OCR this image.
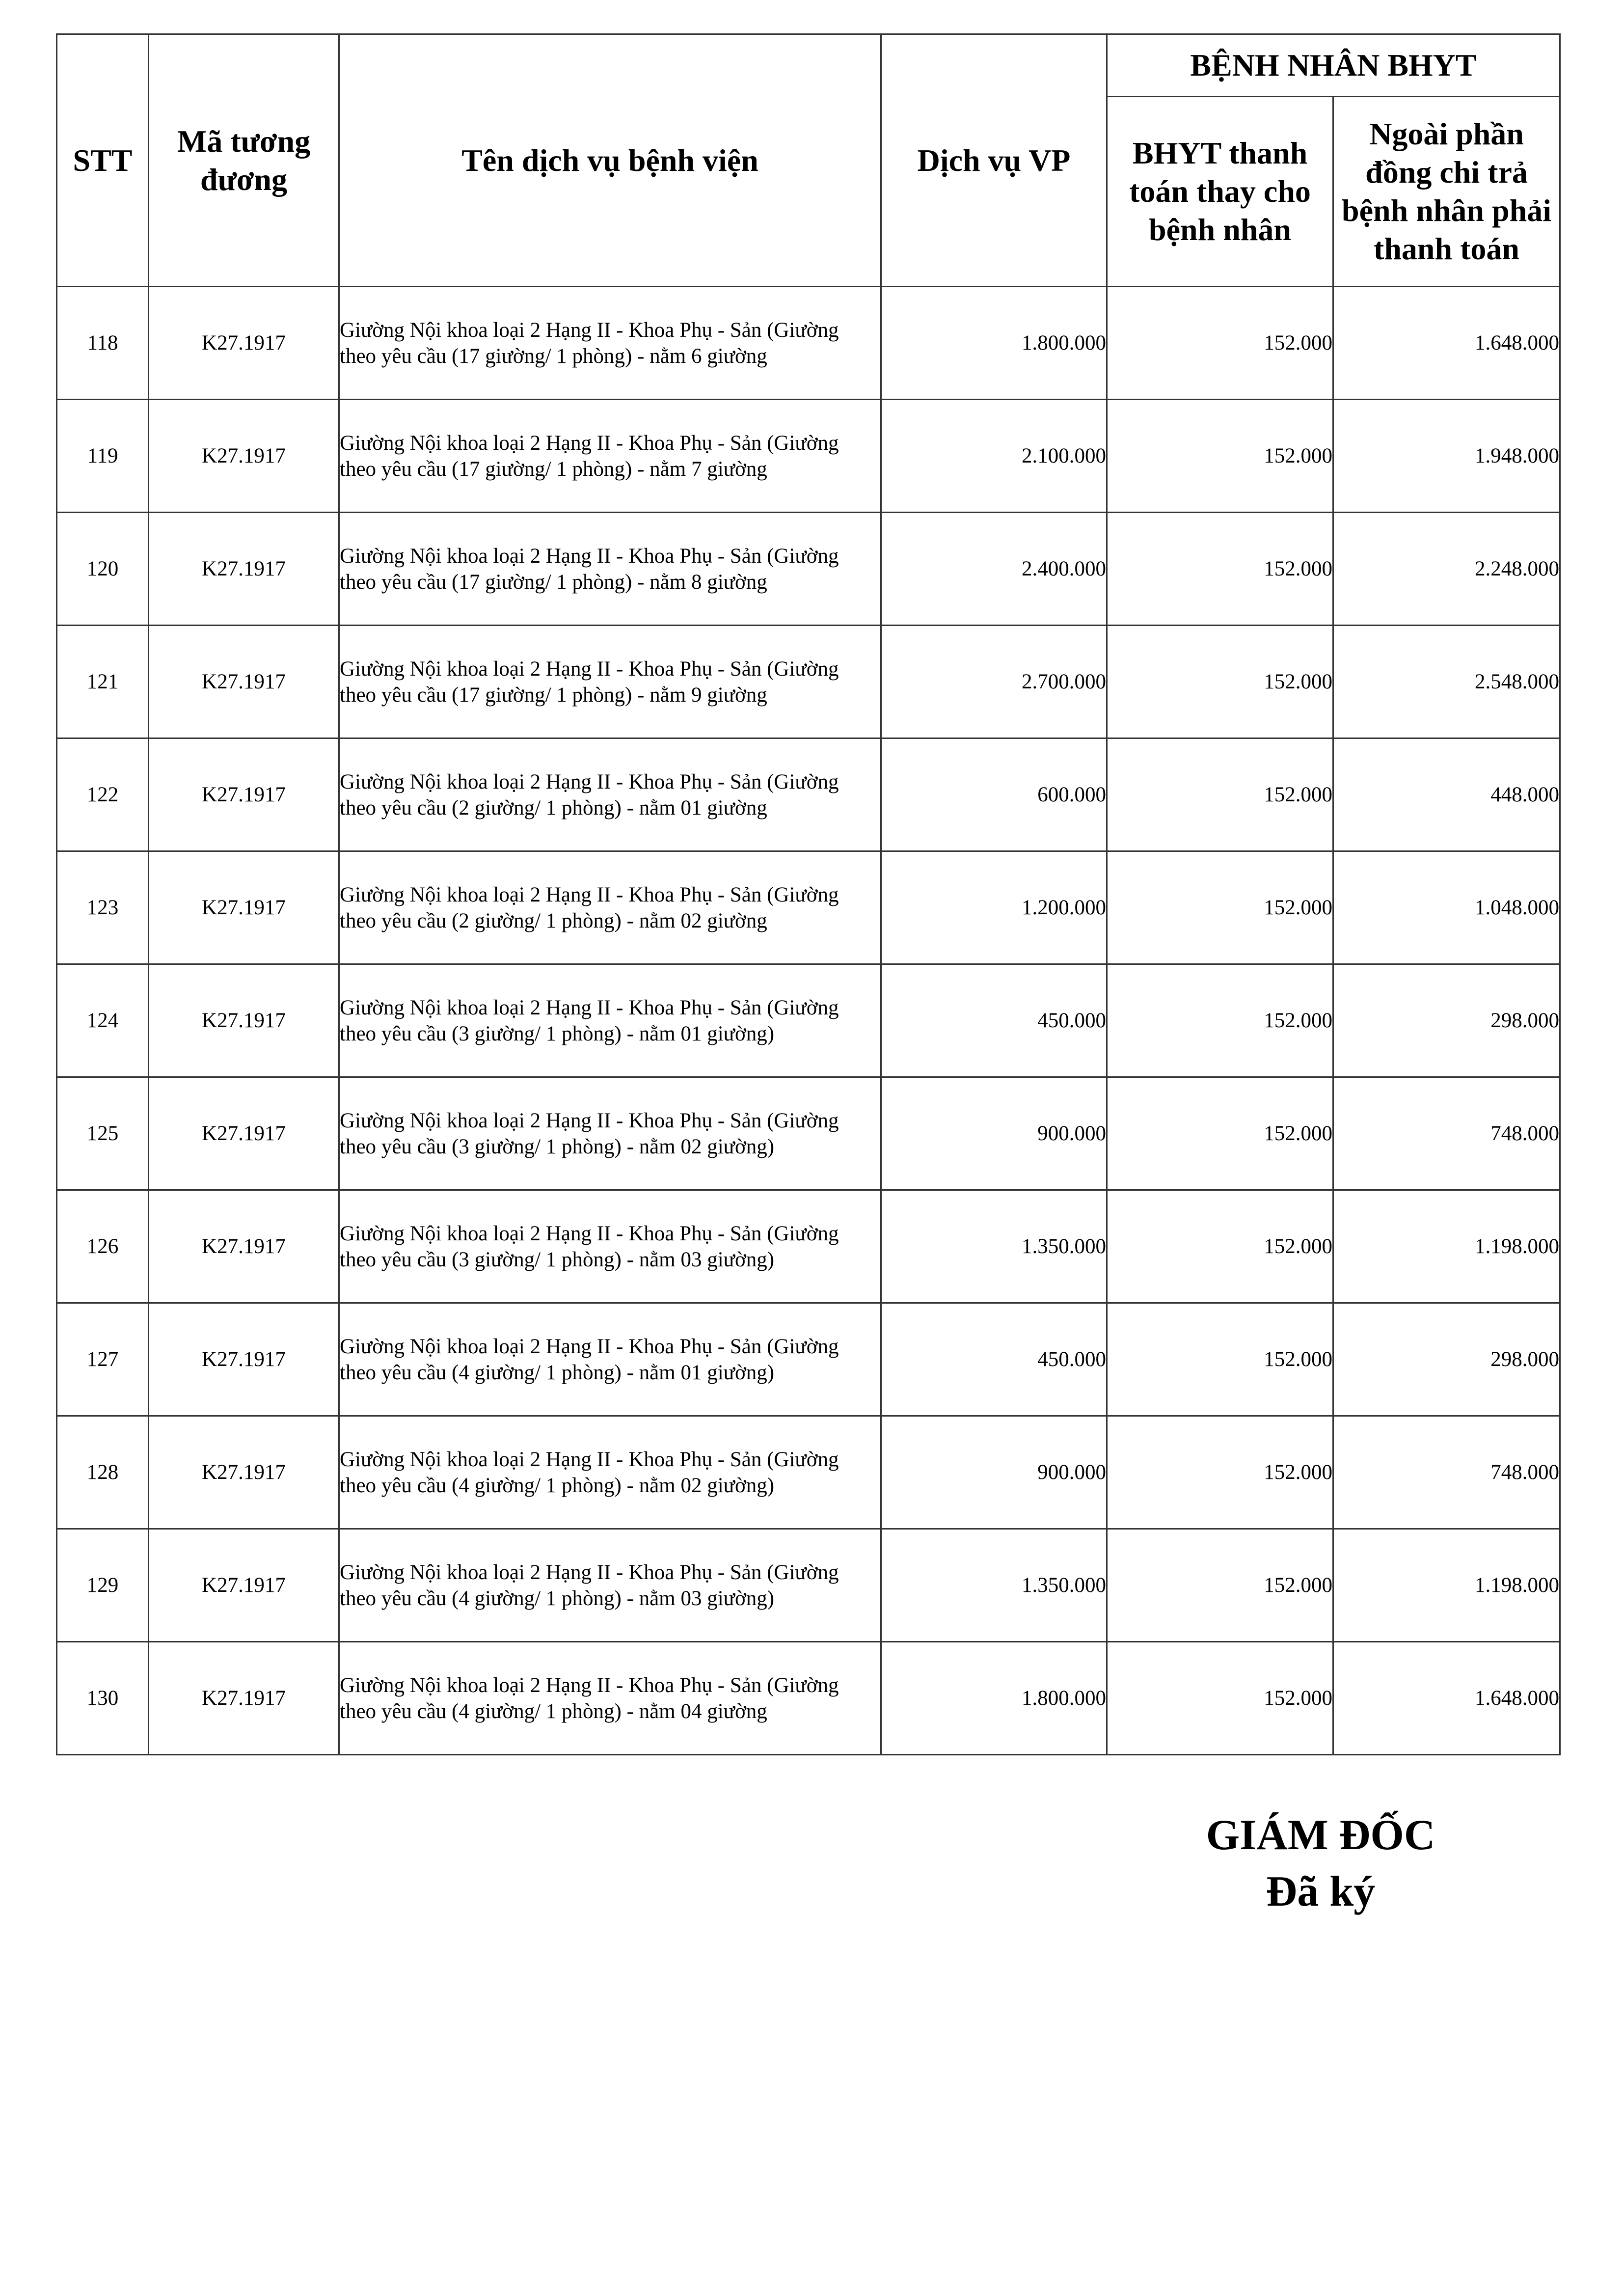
STT	Mã tương đương	Tên dịch vụ bệnh viện	Dịch vụ VP	BỆNH NHÂN BHYT	
				BHYT thanh toán thay cho bệnh nhân	Ngoài phần đồng chi trả bệnh nhân phải thanh toán
118	K27.1917	Giường Nội khoa loại 2 Hạng II - Khoa Phụ - Sản (Giường theo yêu cầu (17 giường/ 1 phòng) - nằm 6 giường	1.800.000	152.000	1.648.000
119	K27.1917	Giường Nội khoa loại 2 Hạng II - Khoa Phụ - Sản (Giường theo yêu cầu (17 giường/ 1 phòng) - nằm 7 giường	2.100.000	152.000	1.948.000
120	K27.1917	Giường Nội khoa loại 2 Hạng II - Khoa Phụ - Sản (Giường theo yêu cầu (17 giường/ 1 phòng) - nằm 8 giường	2.400.000	152.000	2.248.000
121	K27.1917	Giường Nội khoa loại 2 Hạng II - Khoa Phụ - Sản (Giường theo yêu cầu (17 giường/ 1 phòng) - nằm 9 giường	2.700.000	152.000	2.548.000
122	K27.1917	Giường Nội khoa loại 2 Hạng II - Khoa Phụ - Sản (Giường theo yêu cầu (2 giường/ 1 phòng) - nằm 01 giường	600.000	152.000	448.000
123	K27.1917	Giường Nội khoa loại 2 Hạng II - Khoa Phụ - Sản (Giường theo yêu cầu (2 giường/ 1 phòng) - nằm 02 giường	1.200.000	152.000	1.048.000
124	K27.1917	Giường Nội khoa loại 2 Hạng II - Khoa Phụ - Sản (Giường theo yêu cầu (3 giường/ 1 phòng) - nằm 01 giường)	450.000	152.000	298.000
125	K27.1917	Giường Nội khoa loại 2 Hạng II - Khoa Phụ - Sản (Giường theo yêu cầu (3 giường/ 1 phòng) - nằm 02 giường)	900.000	152.000	748.000
126	K27.1917	Giường Nội khoa loại 2 Hạng II - Khoa Phụ - Sản (Giường theo yêu cầu (3 giường/ 1 phòng) - nằm 03 giường)	1.350.000	152.000	1.198.000
127	K27.1917	Giường Nội khoa loại 2 Hạng II - Khoa Phụ - Sản (Giường theo yêu cầu (4 giường/ 1 phòng) - nằm 01 giường)	450.000	152.000	298.000
128	K27.1917	Giường Nội khoa loại 2 Hạng II - Khoa Phụ - Sản (Giường theo yêu cầu (4 giường/ 1 phòng) - nằm 02 giường)	900.000	152.000	748.000
129	K27.1917	Giường Nội khoa loại 2 Hạng II - Khoa Phụ - Sản (Giường theo yêu cầu (4 giường/ 1 phòng) - nằm 03 giường)	1.350.000	152.000	1.198.000
130	K27.1917	Giường Nội khoa loại 2 Hạng II - Khoa Phụ - Sản (Giường theo yêu cầu (4 giường/ 1 phòng) - nằm 04 giường	1.800.000	152.000	1.648.000
GIÁM ĐỐC
Đã ký
